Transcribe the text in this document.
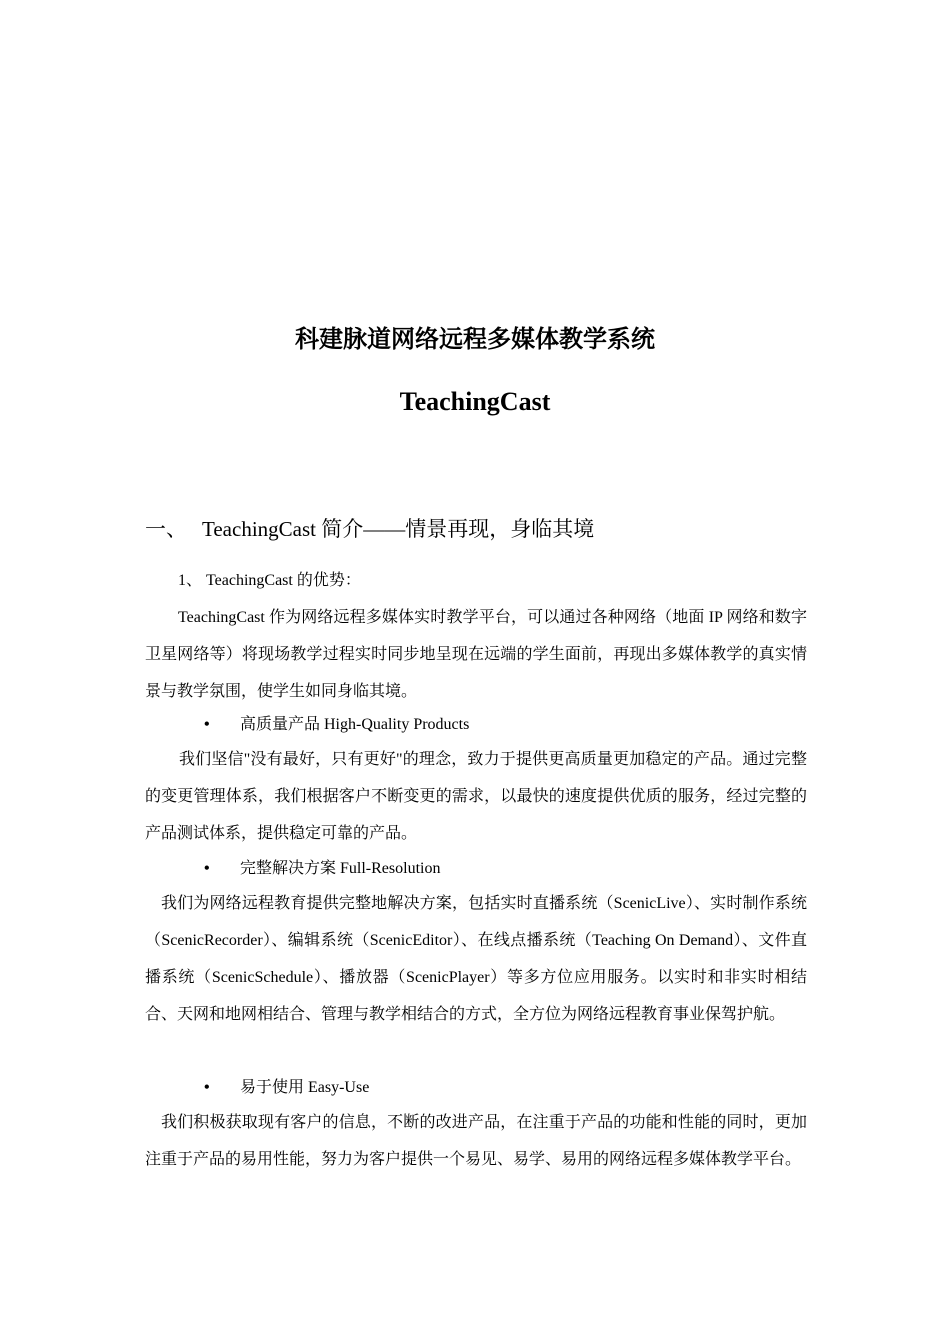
科建脉道网络远程多媒体教学系统
TeachingCast
一、 TeachingCast 简介――情景再现，身临其境
1、 TeachingCast 的优势：

TeachingCast 作为网络远程多媒体实时教学平台，可以通过各种网络（地面 IP 网络和数字卫星网络等）将现场教学过程实时同步地呈现在远端的学生面前，再现出多媒体教学的真实情景与教学氛围，使学生如同身临其境。

• 高质量产品 High-Quality Products

我们坚信"没有最好，只有更好"的理念，致力于提供更高质量更加稳定的产品。通过完整的变更管理体系，我们根据客户不断变更的需求，以最快的速度提供优质的服务，经过完整的产品测试体系，提供稳定可靠的产品。

• 完整解决方案 Full-Resolution

我们为网络远程教育提供完整地解决方案，包括实时直播系统（ScenicLive）、实时制作系统（ScenicRecorder）、编辑系统（ScenicEditor）、在线点播系统（Teaching On Demand）、文件直播系统（ScenicSchedule）、播放器（ScenicPlayer）等多方位应用服务。以实时和非实时相结合、天网和地网相结合、管理与教学相结合的方式，全方位为网络远程教育事业保驾护航。

• 易于使用 Easy-Use

我们积极获取现有客户的信息，不断的改进产品，在注重于产品的功能和性能的同时，更加注重于产品的易用性能，努力为客户提供一个易见、易学、易用的网络远程多媒体教学平台。
